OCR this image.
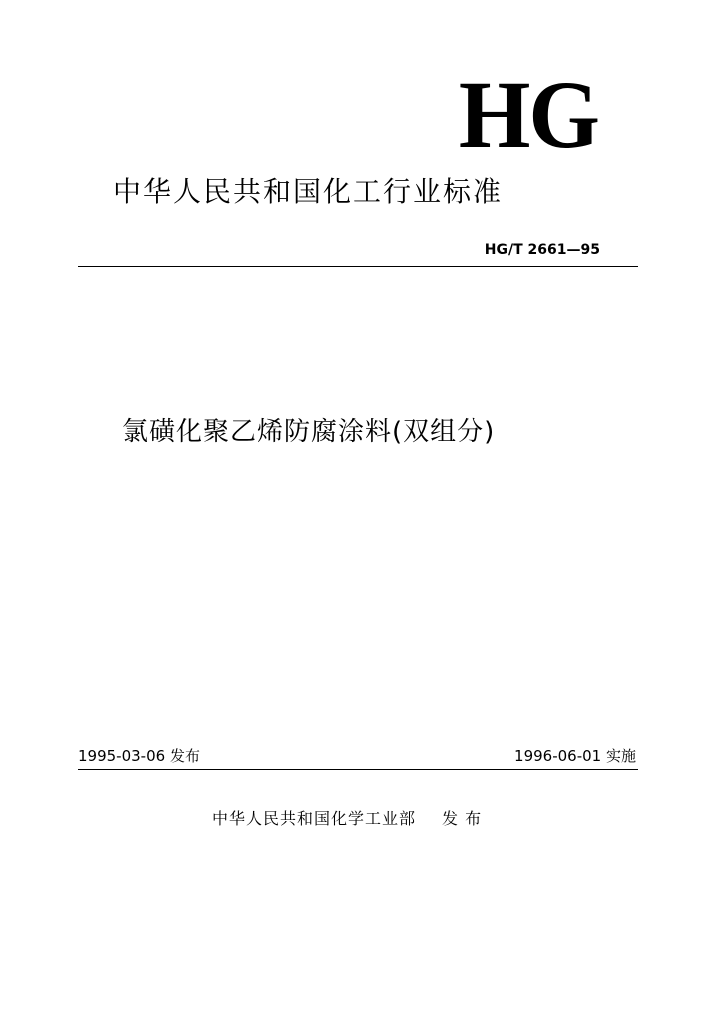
HG
中华人民共和国化工行业标准
HG/T 2661—95
氯磺化聚乙烯防腐涂料(双组分)
1995-03-06 发布	1996-06-01 实施
中华人民共和国化学工业部 发 布
